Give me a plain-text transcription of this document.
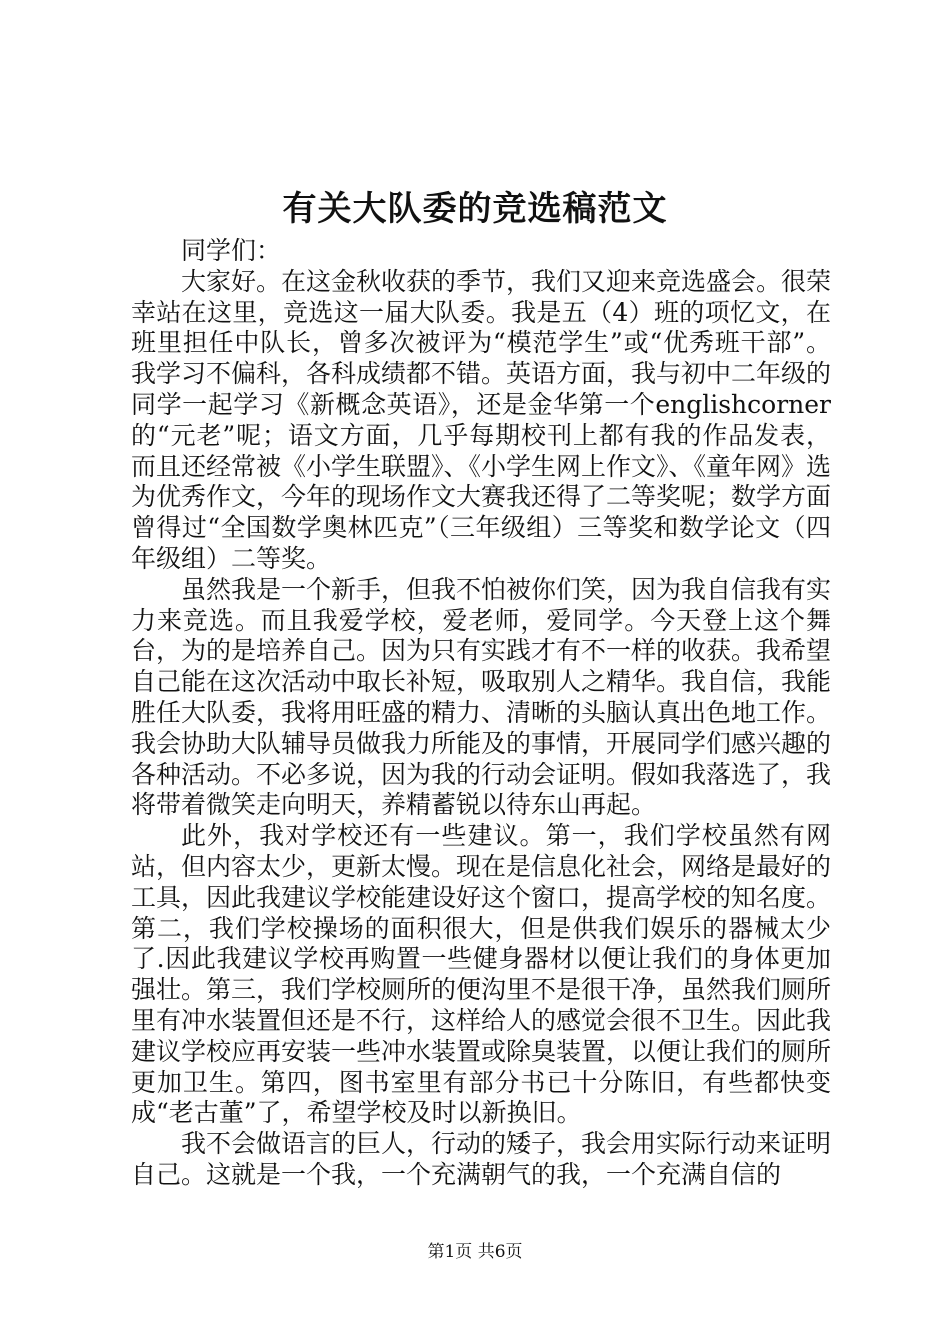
有关大队委的竞选稿范文

同学们：

大家好。在这金秋收获的季节，我们又迎来竞选盛会。很荣幸站在这里，竞选这一届大队委。我是五（4）班的项忆文，在班里担任中队长，曾多次被评为“模范学生”或“优秀班干部”。我学习不偏科，各科成绩都不错。英语方面，我与初中二年级的同学一起学习《新概念英语》，还是金华第一个englishcorner的“元老”呢；语文方面，几乎每期校刊上都有我的作品发表，而且还经常被《小学生联盟》、《小学生网上作文》、《童年网》选为优秀作文，今年的现场作文大赛我还得了二等奖呢；数学方面曾得过“全国数学奥林匹克”（三年级组）三等奖和数学论文（四年级组）二等奖。

虽然我是一个新手，但我不怕被你们笑，因为我自信我有实力来竞选。而且我爱学校，爱老师，爱同学。今天登上这个舞台，为的是培养自己。因为只有实践才有不一样的收获。我希望自己能在这次活动中取长补短，吸取别人之精华。我自信，我能胜任大队委，我将用旺盛的精力、清晰的头脑认真出色地工作。我会协助大队辅导员做我力所能及的事情，开展同学们感兴趣的各种活动。不必多说，因为我的行动会证明。假如我落选了，我将带着微笑走向明天，养精蓄锐以待东山再起。

此外，我对学校还有一些建议。第一，我们学校虽然有网站，但内容太少，更新太慢。现在是信息化社会，网络是最好的工具，因此我建议学校能建设好这个窗口，提高学校的知名度。第二，我们学校操场的面积很大，但是供我们娱乐的器械太少了.因此我建议学校再购置一些健身器材以便让我们的身体更加强壮。第三，我们学校厕所的便沟里不是很干净，虽然我们厕所里有冲水装置但还是不行，这样给人的感觉会很不卫生。因此我建议学校应再安装一些冲水装置或除臭装置，以便让我们的厕所更加卫生。第四，图书室里有部分书已十分陈旧，有些都快变成“老古董”了，希望学校及时以新换旧。

我不会做语言的巨人，行动的矮子，我会用实际行动来证明自己。这就是一个我，一个充满朝气的我，一个充满自信的

第1页 共6页
